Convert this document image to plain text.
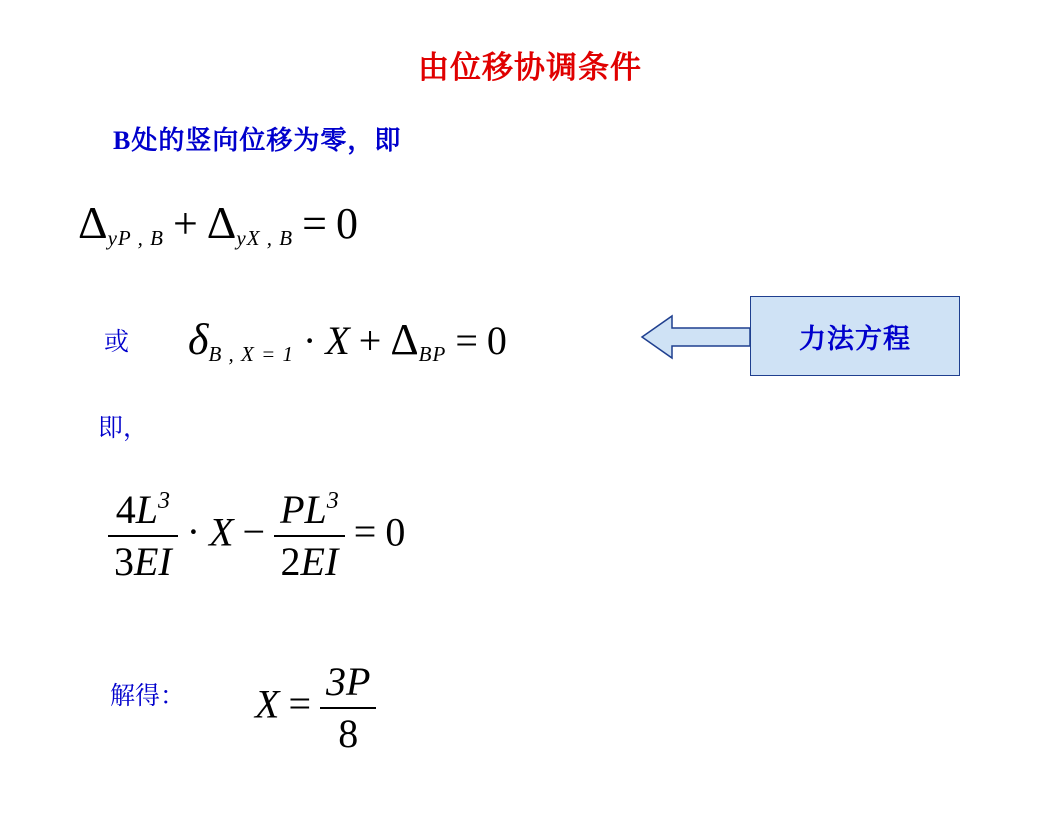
由位移协调条件
B处的竖向位移为零，即
$\Delta_{yP , B} + \Delta_{yX , B} = 0$
或 $\delta_{B , X = 1} \cdot X + \Delta_{BP} = 0$	力法方程
即，
$\frac{4L^3}{3EI} \cdot X - \frac{PL^3}{2EI} = 0$
解得： $X = \frac{3P}{8}$
